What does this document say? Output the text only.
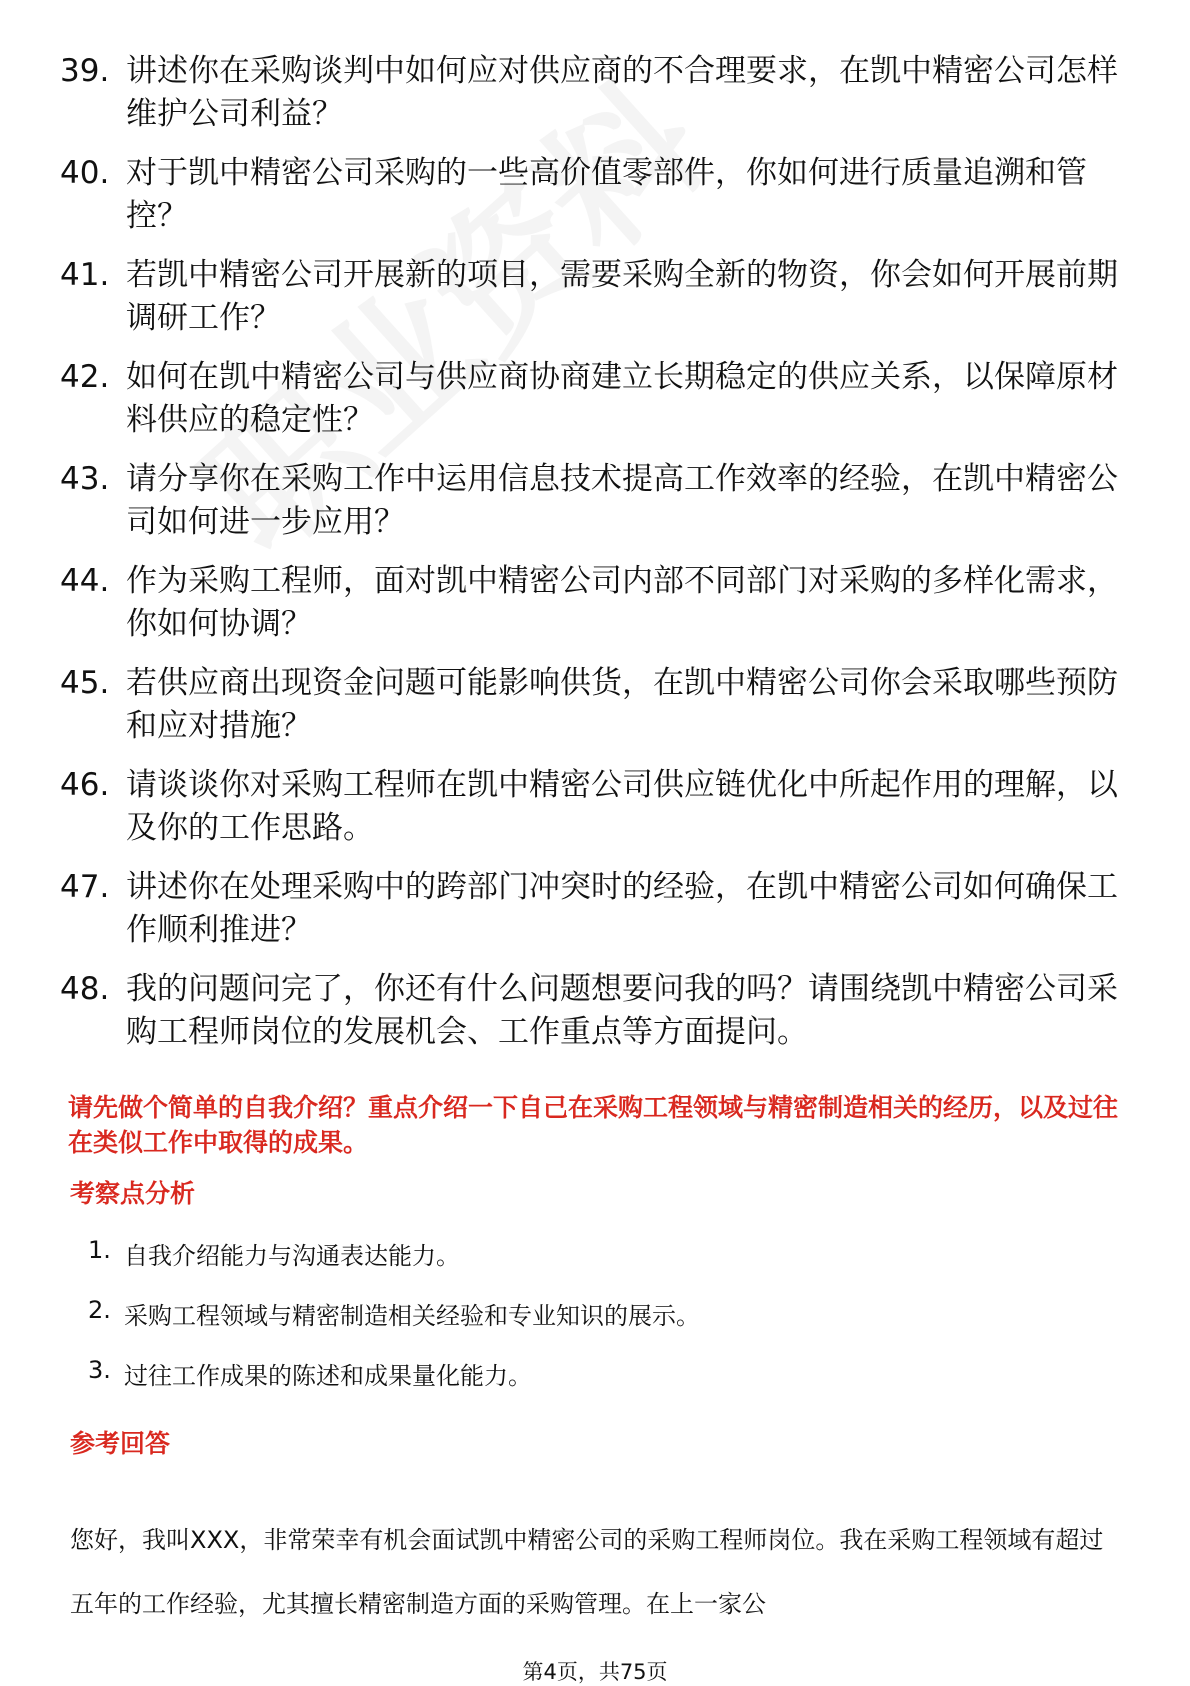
39. 讲述你在采购谈判中如何应对供应商的不合理要求，在凯中精密公司怎样维护公司利益？
40. 对于凯中精密公司采购的一些高价值零部件，你如何进行质量追溯和管控？
41. 若凯中精密公司开展新的项目，需要采购全新的物资，你会如何开展前期调研工作？
42. 如何在凯中精密公司与供应商协商建立长期稳定的供应关系，以保障原材料供应的稳定性？
43. 请分享你在采购工作中运用信息技术提高工作效率的经验，在凯中精密公司如何进一步应用？
44. 作为采购工程师，面对凯中精密公司内部不同部门对采购的多样化需求，你如何协调？
45. 若供应商出现资金问题可能影响供货，在凯中精密公司你会采取哪些预防和应对措施？
46. 请谈谈你对采购工程师在凯中精密公司供应链优化中所起作用的理解，以及你的工作思路。
47. 讲述你在处理采购中的跨部门冲突时的经验，在凯中精密公司如何确保工作顺利推进？
48. 我的问题问完了，你还有什么问题想要问我的吗？请围绕凯中精密公司采购工程师岗位的发展机会、工作重点等方面提问。
请先做个简单的自我介绍？重点介绍一下自己在采购工程领域与精密制造相关的经历，以及过往在类似工作中取得的成果。
考察点分析
1. 自我介绍能力与沟通表达能力。
2. 采购工程领域与精密制造相关经验和专业知识的展示。
3. 过往工作成果的陈述和成果量化能力。
参考回答
您好，我叫XXX，非常荣幸有机会面试凯中精密公司的采购工程师岗位。我在采购工程领域有超过五年的工作经验，尤其擅长精密制造方面的采购管理。在上一家公
第4页，共75页
